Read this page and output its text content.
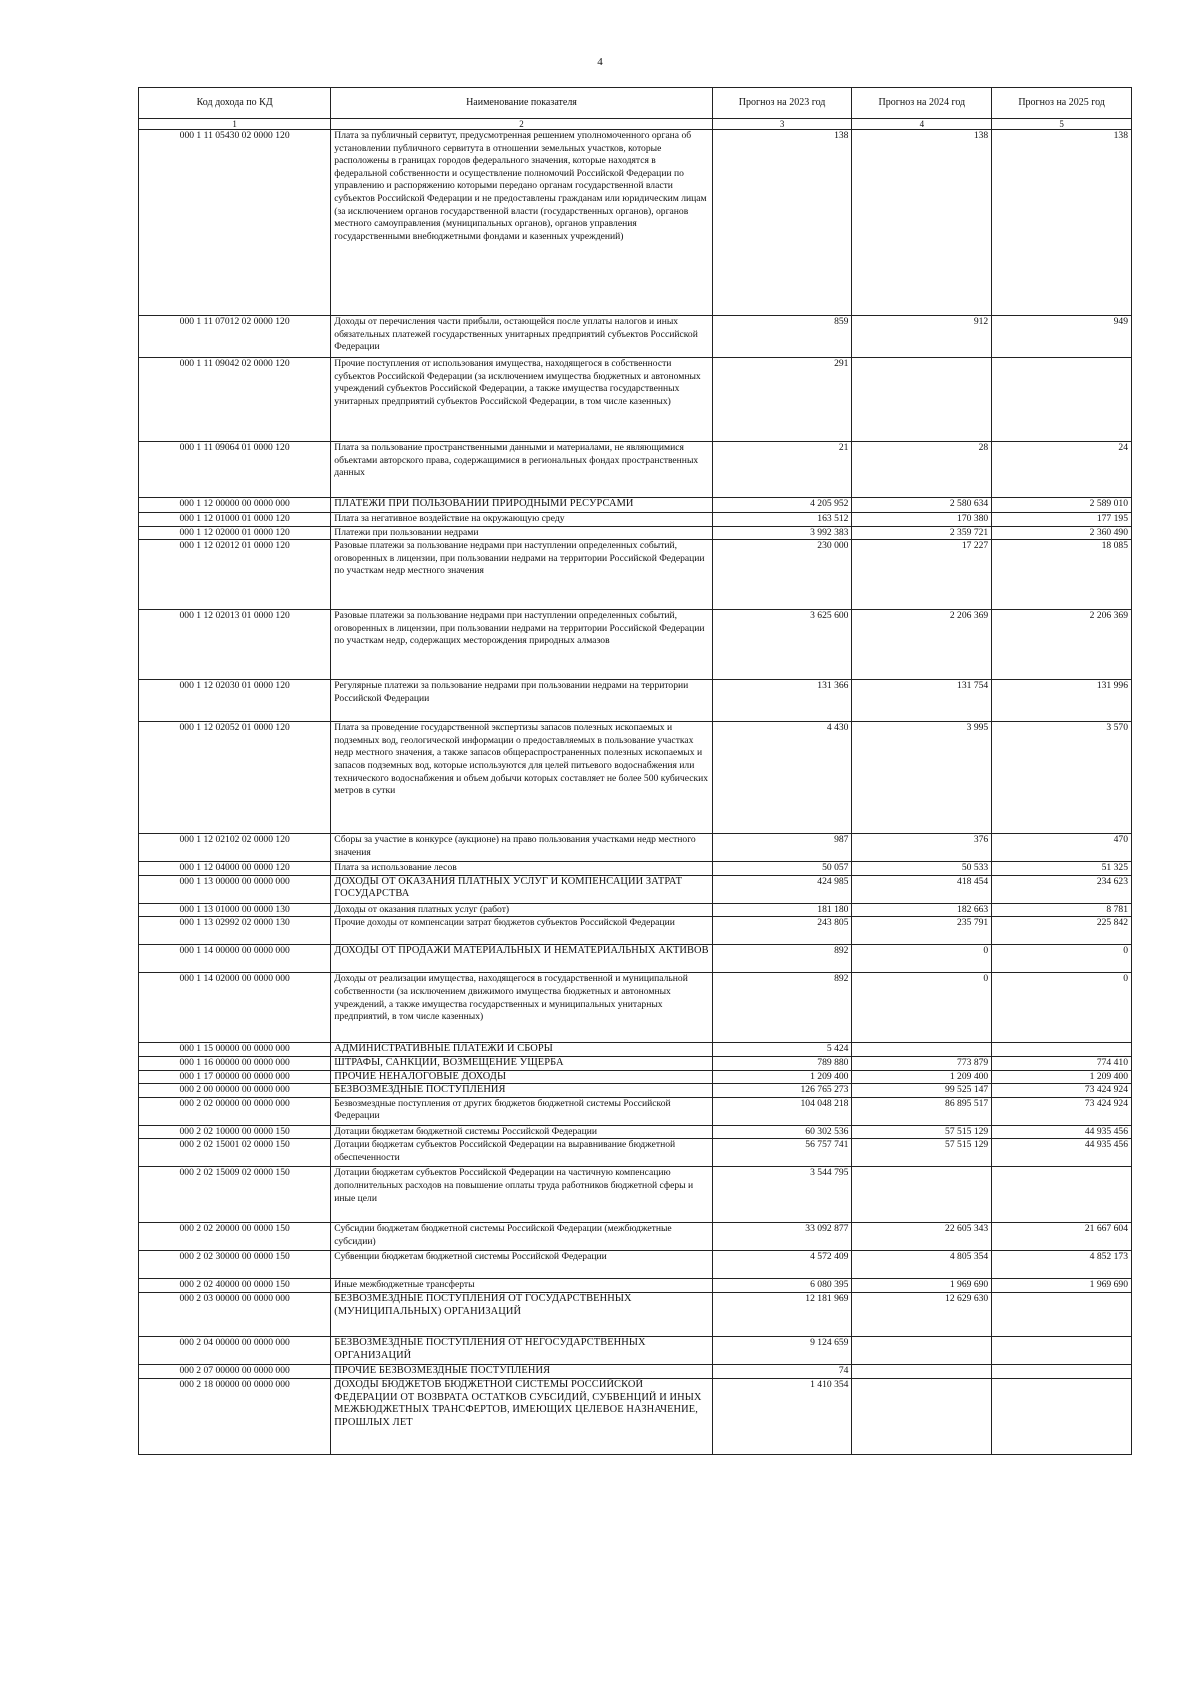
4
Код дохода по КД	Наименование показателя	Прогноз на 2023 год	Прогноз на 2024 год	Прогноз на 2025 год
1	2	3	4	5
000 1 11 05430 02 0000 120	Плата за публичный сервитут, предусмотренная решением уполномоченного органа об установлении публичного сервитута в отношении земельных участков, которые расположены в границах городов федерального значения, которые находятся в федеральной собственности и осуществление полномочий Российской Федерации по управлению и распоряжению которыми передано органам государственной власти субъектов Российской Федерации и не предоставлены гражданам или юридическим лицам (за исключением органов государственной власти (государственных органов), органов местного самоуправления (муниципальных органов), органов управления государственными внебюджетными фондами и казенных учреждений)	138	138	138
000 1 11 07012 02 0000 120	Доходы от перечисления части прибыли, остающейся после уплаты налогов и иных обязательных платежей государственных унитарных предприятий субъектов Российской Федерации	859	912	949
000 1 11 09042 02 0000 120	Прочие поступления от использования имущества, находящегося в собственности субъектов Российской Федерации (за исключением имущества бюджетных и автономных учреждений субъектов Российской Федерации, а также имущества государственных унитарных предприятий субъектов Российской Федерации, в том числе казенных)	291		
000 1 11 09064 01 0000 120	Плата за пользование пространственными данными и материалами, не являющимися объектами авторского права, содержащимися в региональных фондах пространственных данных	21	28	24
000 1 12 00000 00 0000 000	ПЛАТЕЖИ ПРИ ПОЛЬЗОВАНИИ ПРИРОДНЫМИ РЕСУРСАМИ	4 205 952	2 580 634	2 589 010
000 1 12 01000 01 0000 120	Плата за негативное воздействие на окружающую среду	163 512	170 380	177 195
000 1 12 02000 01 0000 120	Платежи при пользовании недрами	3 992 383	2 359 721	2 360 490
000 1 12 02012 01 0000 120	Разовые платежи за пользование недрами при наступлении определенных событий, оговоренных в лицензии, при пользовании недрами на территории Российской Федерации по участкам недр местного значения	230 000	17 227	18 085
000 1 12 02013 01 0000 120	Разовые платежи за пользование недрами при наступлении определенных событий, оговоренных в лицензии, при пользовании недрами на территории Российской Федерации по участкам недр, содержащих месторождения природных алмазов	3 625 600	2 206 369	2 206 369
000 1 12 02030 01 0000 120	Регулярные платежи за пользование недрами при пользовании недрами на территории Российской Федерации	131 366	131 754	131 996
000 1 12 02052 01 0000 120	Плата за проведение государственной экспертизы запасов полезных ископаемых и подземных вод, геологической информации о предоставляемых в пользование участках недр местного значения, а также запасов общераспространенных полезных ископаемых и запасов подземных вод, которые используются для целей питьевого водоснабжения или технического водоснабжения и объем добычи которых составляет не более 500 кубических метров в сутки	4 430	3 995	3 570
000 1 12 02102 02 0000 120	Сборы за участие в конкурсе (аукционе) на право пользования участками недр местного значения	987	376	470
000 1 12 04000 00 0000 120	Плата за использование лесов	50 057	50 533	51 325
000 1 13 00000 00 0000 000	ДОХОДЫ ОТ ОКАЗАНИЯ ПЛАТНЫХ УСЛУГ И КОМПЕНСАЦИИ ЗАТРАТ ГОСУДАРСТВА	424 985	418 454	234 623
000 1 13 01000 00 0000 130	Доходы от оказания платных услуг (работ)	181 180	182 663	8 781
000 1 13 02992 02 0000 130	Прочие доходы от компенсации затрат бюджетов субъектов Российской Федерации	243 805	235 791	225 842
000 1 14 00000 00 0000 000	ДОХОДЫ ОТ ПРОДАЖИ МАТЕРИАЛЬНЫХ И НЕМАТЕРИАЛЬНЫХ АКТИВОВ	892	0	0
000 1 14 02000 00 0000 000	Доходы от реализации имущества, находящегося в государственной и муниципальной собственности (за исключением движимого имущества бюджетных и автономных учреждений, а также имущества государственных и муниципальных унитарных предприятий, в том числе казенных)	892	0	0
000 1 15 00000 00 0000 000	АДМИНИСТРАТИВНЫЕ ПЛАТЕЖИ И СБОРЫ	5 424		
000 1 16 00000 00 0000 000	ШТРАФЫ, САНКЦИИ, ВОЗМЕЩЕНИЕ УЩЕРБА	789 880	773 879	774 410
000 1 17 00000 00 0000 000	ПРОЧИЕ НЕНАЛОГОВЫЕ ДОХОДЫ	1 209 400	1 209 400	1 209 400
000 2 00 00000 00 0000 000	БЕЗВОЗМЕЗДНЫЕ ПОСТУПЛЕНИЯ	126 765 273	99 525 147	73 424 924
000 2 02 00000 00 0000 000	Безвозмездные поступления от других бюджетов бюджетной системы Российской Федерации	104 048 218	86 895 517	73 424 924
000 2 02 10000 00 0000 150	Дотации бюджетам бюджетной системы Российской Федерации	60 302 536	57 515 129	44 935 456
000 2 02 15001 02 0000 150	Дотации бюджетам субъектов Российской Федерации на выравнивание бюджетной обеспеченности	56 757 741	57 515 129	44 935 456
000 2 02 15009 02 0000 150	Дотации бюджетам субъектов Российской Федерации на частичную компенсацию дополнительных расходов на повышение оплаты труда работников бюджетной сферы и иные цели	3 544 795		
000 2 02 20000 00 0000 150	Субсидии бюджетам бюджетной системы Российской Федерации (межбюджетные субсидии)	33 092 877	22 605 343	21 667 604
000 2 02 30000 00 0000 150	Субвенции бюджетам бюджетной системы Российской Федерации	4 572 409	4 805 354	4 852 173
000 2 02 40000 00 0000 150	Иные межбюджетные трансферты	6 080 395	1 969 690	1 969 690
000 2 03 00000 00 0000 000	БЕЗВОЗМЕЗДНЫЕ ПОСТУПЛЕНИЯ ОТ ГОСУДАРСТВЕННЫХ (МУНИЦИПАЛЬНЫХ) ОРГАНИЗАЦИЙ	12 181 969	12 629 630	
000 2 04 00000 00 0000 000	БЕЗВОЗМЕЗДНЫЕ ПОСТУПЛЕНИЯ ОТ НЕГОСУДАРСТВЕННЫХ ОРГАНИЗАЦИЙ	9 124 659		
000 2 07 00000 00 0000 000	ПРОЧИЕ БЕЗВОЗМЕЗДНЫЕ ПОСТУПЛЕНИЯ	74		
000 2 18 00000 00 0000 000	ДОХОДЫ БЮДЖЕТОВ БЮДЖЕТНОЙ СИСТЕМЫ РОССИЙСКОЙ ФЕДЕРАЦИИ ОТ ВОЗВРАТА ОСТАТКОВ СУБСИДИЙ, СУБВЕНЦИЙ И ИНЫХ МЕЖБЮДЖЕТНЫХ ТРАНСФЕРТОВ, ИМЕЮЩИХ ЦЕЛЕВОЕ НАЗНАЧЕНИЕ, ПРОШЛЫХ ЛЕТ	1 410 354		
